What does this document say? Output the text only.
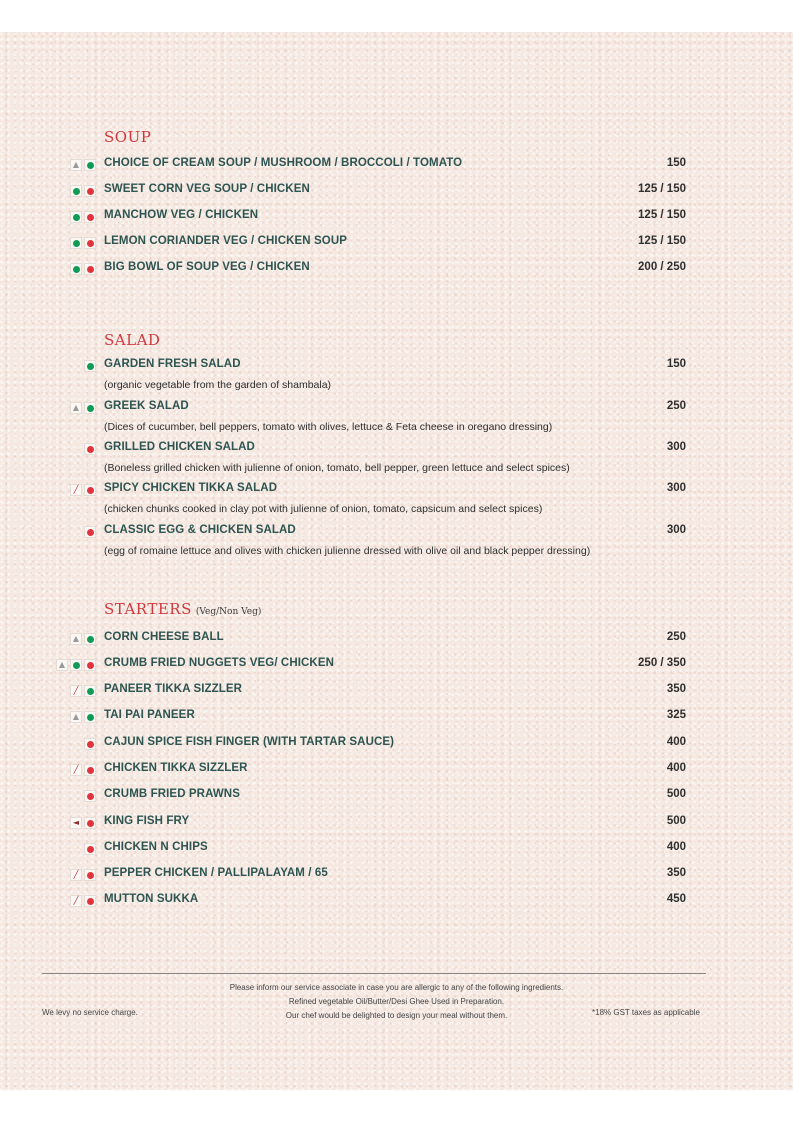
SOUP
▲ CHOICE OF CREAM SOUP / MUSHROOM / BROCCOLI / TOMATO	150
SWEET CORN VEG SOUP / CHICKEN	125 / 150
MANCHOW VEG / CHICKEN	125 / 150
LEMON CORIANDER VEG / CHICKEN SOUP	125 / 150
BIG BOWL OF SOUP VEG / CHICKEN	200 / 250
SALAD
GARDEN FRESH SALAD	150
(organic vegetable from the garden of shambala)
▲ GREEK SALAD	250
(Dices of cucumber, bell peppers, tomato with olives, lettuce & Feta cheese in oregano dressing)
GRILLED CHICKEN SALAD	300
(Boneless grilled chicken with julienne of onion, tomato, bell pepper, green lettuce and select spices)
╱ SPICY CHICKEN TIKKA SALAD	300
(chicken chunks cooked in clay pot with julienne of onion, tomato, capsicum and select spices)
CLASSIC EGG & CHICKEN SALAD	300
(egg of romaine lettuce and olives with chicken julienne dressed with olive oil and black pepper dressing)
STARTERS (Veg/Non Veg)
▲ CORN CHEESE BALL	250
▲	CRUMB FRIED NUGGETS VEG/ CHICKEN	250 / 350
╱ PANEER TIKKA SIZZLER	350
▲ TAI PAI PANEER	325
CAJUN SPICE FISH FINGER (WITH TARTAR SAUCE)	400
╱ CHICKEN TIKKA SIZZLER	400
CRUMB FRIED PRAWNS	500
◄ KING FISH FRY	500
CHICKEN N CHIPS	400
╱ PEPPER CHICKEN / PALLIPALAYAM / 65	350
╱ MUTTON SUKKA	450
Please inform our service associate in case you are allergic to any of the following ingredients.
Refined vegetable Oil/Butter/Desi Ghee Used in Preparation.
Our chef would be delighted to design your meal without them.
We levy no service charge.	*18% GST taxes as applicable
